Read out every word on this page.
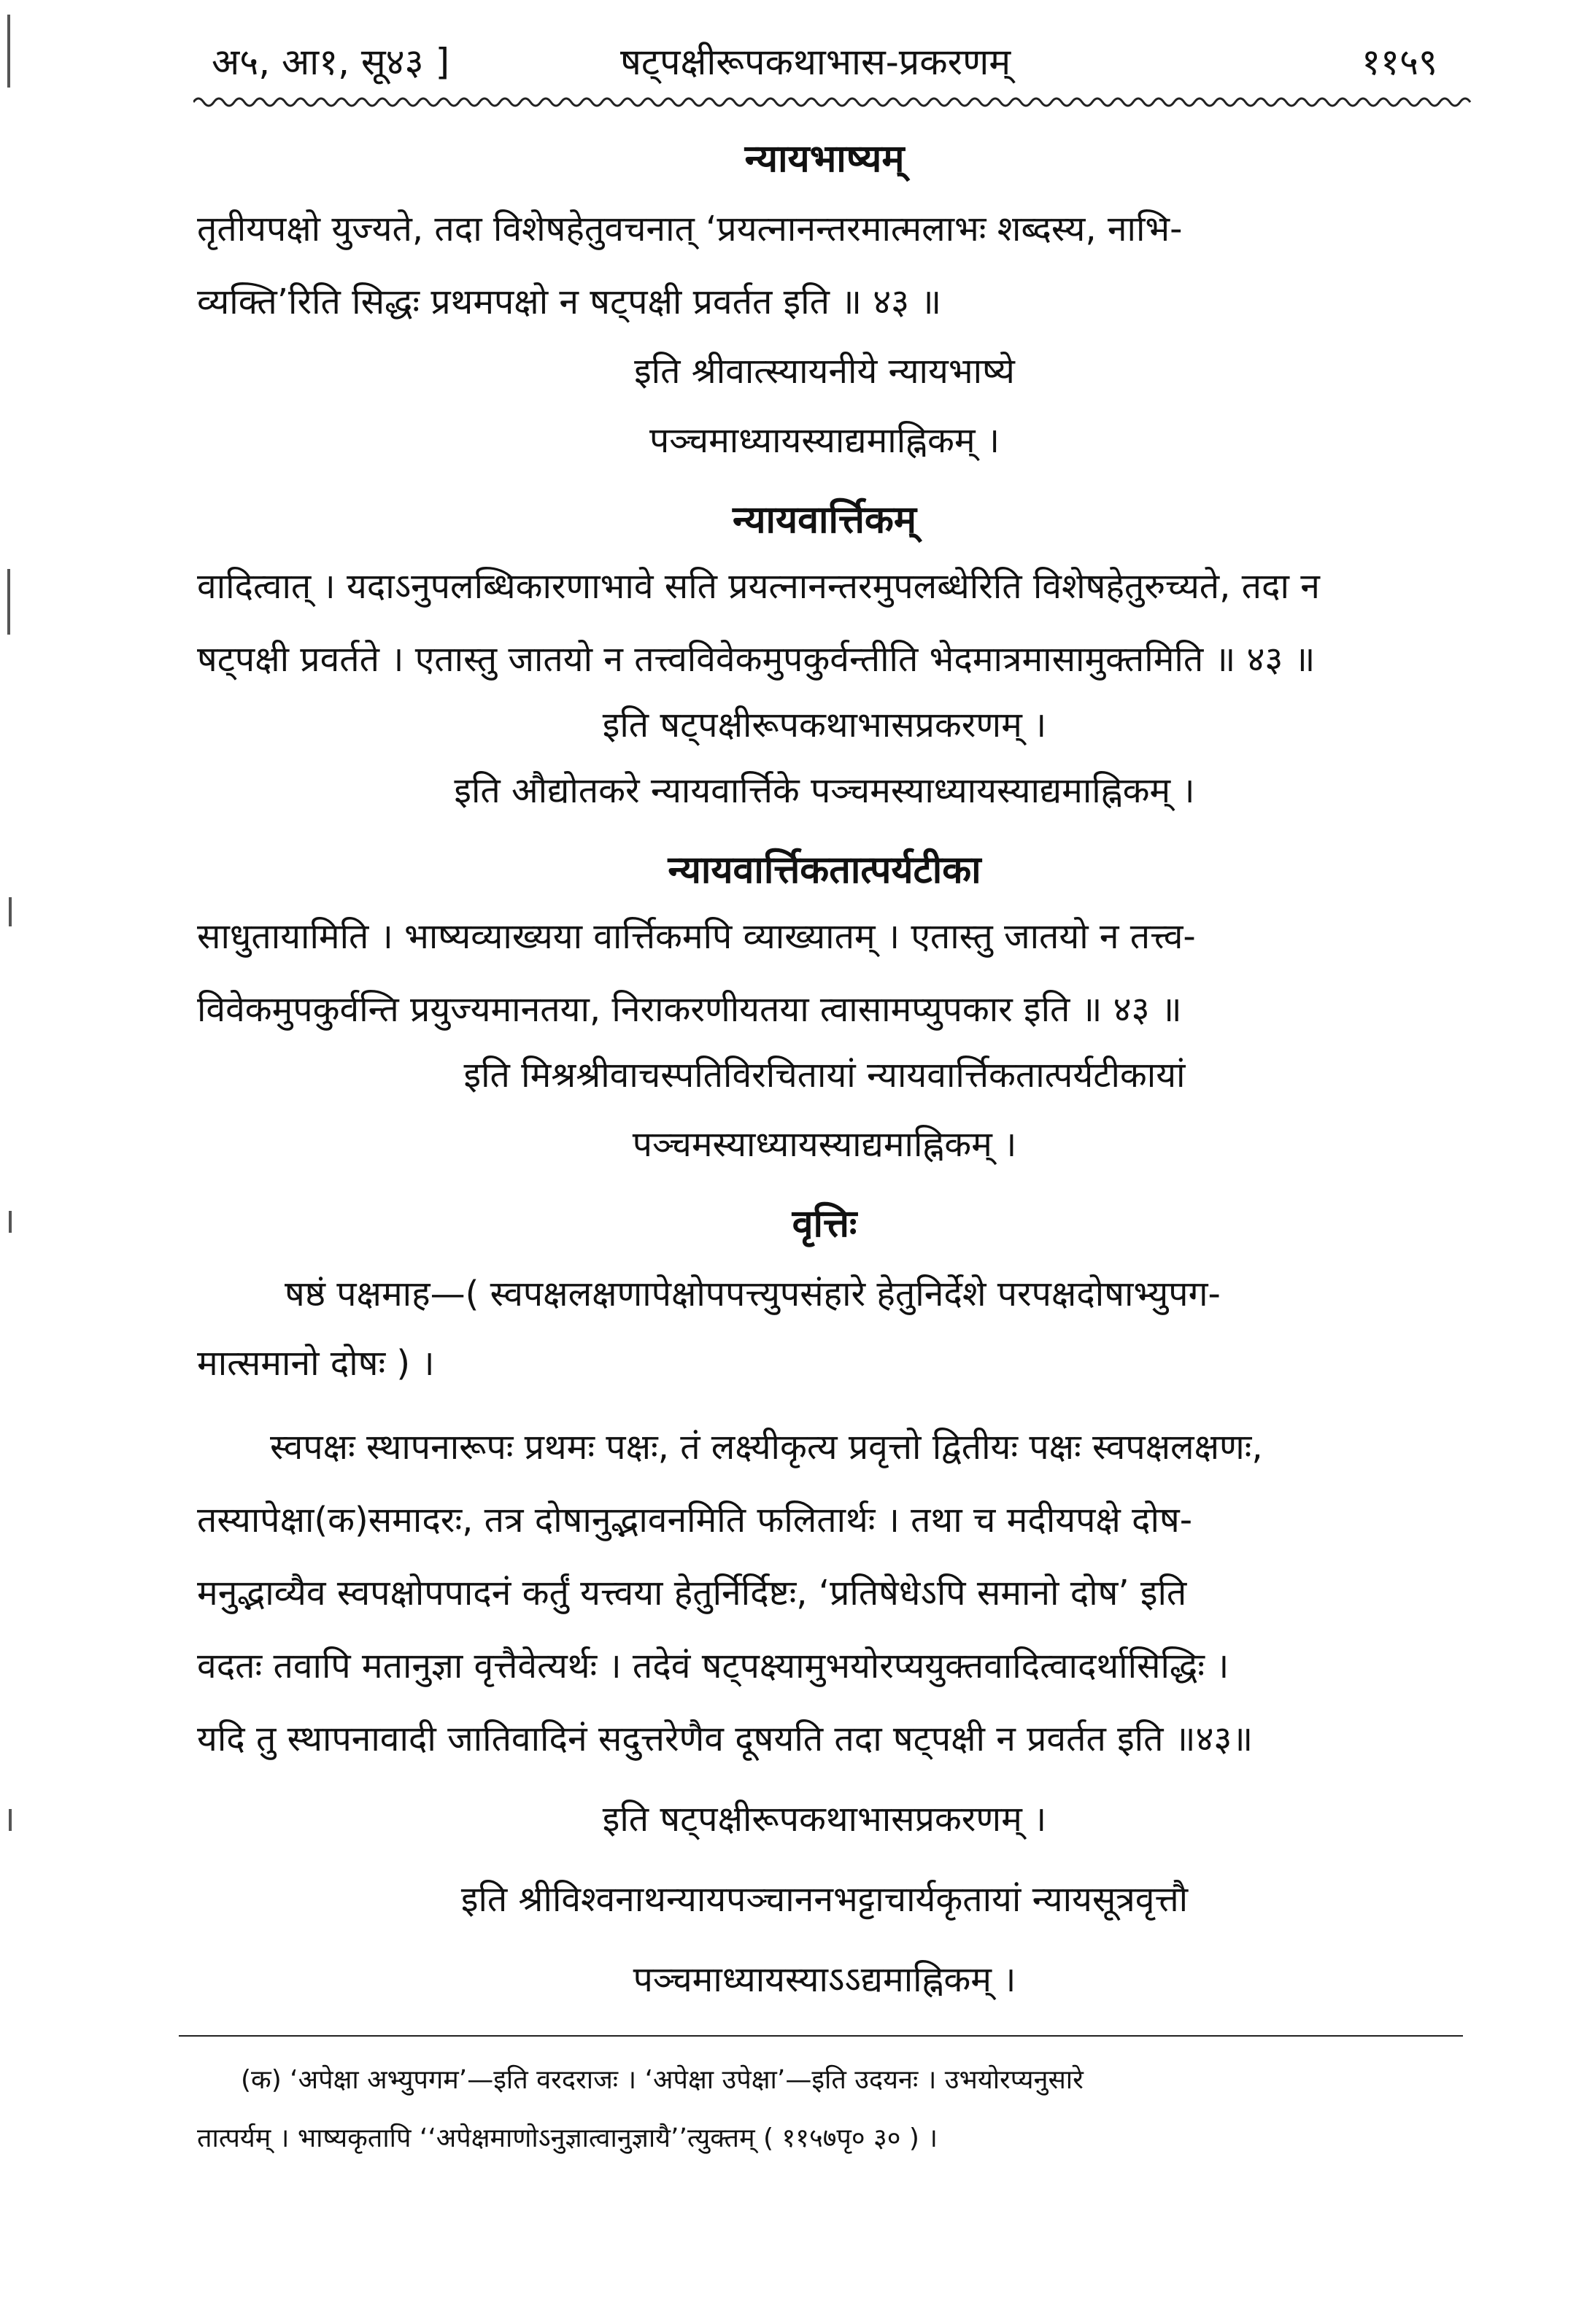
अ५, आ१, सू४३ ]	षट्पक्षीरूपकथाभास-प्रकरणम्	११५९
न्यायभाष्यम्
तृतीयपक्षो युज्यते, तदा विशेषहेतुवचनात् ‘प्रयत्नानन्तरमात्मलाभः शब्दस्य, नाभि-
व्यक्ति’रिति सिद्धः प्रथमपक्षो न षट्पक्षी प्रवर्तत इति ॥ ४३ ॥
इति श्रीवात्स्यायनीये न्यायभाष्ये
पञ्चमाध्यायस्याद्यमाह्निकम् ।
न्यायवार्त्तिकम्
वादित्वात् । यदाऽनुपलब्धिकारणाभावे सति प्रयत्नानन्तरमुपलब्धेरिति विशेषहेतुरुच्यते, तदा न
षट्पक्षी प्रवर्तते । एतास्तु जातयो न तत्त्वविवेकमुपकुर्वन्तीति भेदमात्रमासामुक्तमिति ॥ ४३ ॥
इति षट्पक्षीरूपकथाभासप्रकरणम् ।
इति औद्योतकरे न्यायवार्त्तिके पञ्चमस्याध्यायस्याद्यमाह्निकम् ।
न्यायवार्त्तिकतात्पर्यटीका
साधुतायामिति । भाष्यव्याख्यया वार्त्तिकमपि व्याख्यातम् । एतास्तु जातयो न तत्त्व-
विवेकमुपकुर्वन्ति प्रयुज्यमानतया, निराकरणीयतया त्वासामप्युपकार इति ॥ ४३ ॥
इति मिश्रश्रीवाचस्पतिविरचितायां न्यायवार्त्तिकतात्पर्यटीकायां
पञ्चमस्याध्यायस्याद्यमाह्निकम् ।
वृत्तिः
षष्ठं पक्षमाह—( स्वपक्षलक्षणापेक्षोपपत्त्युपसंहारे हेतुनिर्देशे परपक्षदोषाभ्युपग-
मात्समानो दोषः ) ।
स्वपक्षः स्थापनारूपः प्रथमः पक्षः, तं लक्ष्यीकृत्य प्रवृत्तो द्वितीयः पक्षः स्वपक्षलक्षणः,
तस्यापेक्षा(क)समादरः, तत्र दोषानुद्भावनमिति फलितार्थः । तथा च मदीयपक्षे दोष-
मनुद्भाव्यैव स्वपक्षोपपादनं कर्तुं यत्त्वया हेतुर्निर्दिष्टः, ‘प्रतिषेधेऽपि समानो दोष’ इति
वदतः तवापि मतानुज्ञा वृत्तैवेत्यर्थः । तदेवं षट्पक्ष्यामुभयोरप्ययुक्तवादित्वादर्थासिद्धिः ।
यदि तु स्थापनावादी जातिवादिनं सदुत्तरेणैव दूषयति तदा षट्पक्षी न प्रवर्तत इति ॥४३॥
इति षट्पक्षीरूपकथाभासप्रकरणम् ।
इति श्रीविश्वनाथन्यायपञ्चाननभट्टाचार्यकृतायां न्यायसूत्रवृत्तौ
पञ्चमाध्यायस्याऽऽद्यमाह्निकम् ।
(क) ‘अपेक्षा अभ्युपगम’—इति वरदराजः । ‘अपेक्षा उपेक्षा’—इति उदयनः । उभयोरप्यनुसारे
तात्पर्यम् । भाष्यकृतापि ‘‘अपेक्षमाणोऽनुज्ञात्वानुज्ञायै’’त्युक्तम् ( ११५७पृ० ३० ) ।
